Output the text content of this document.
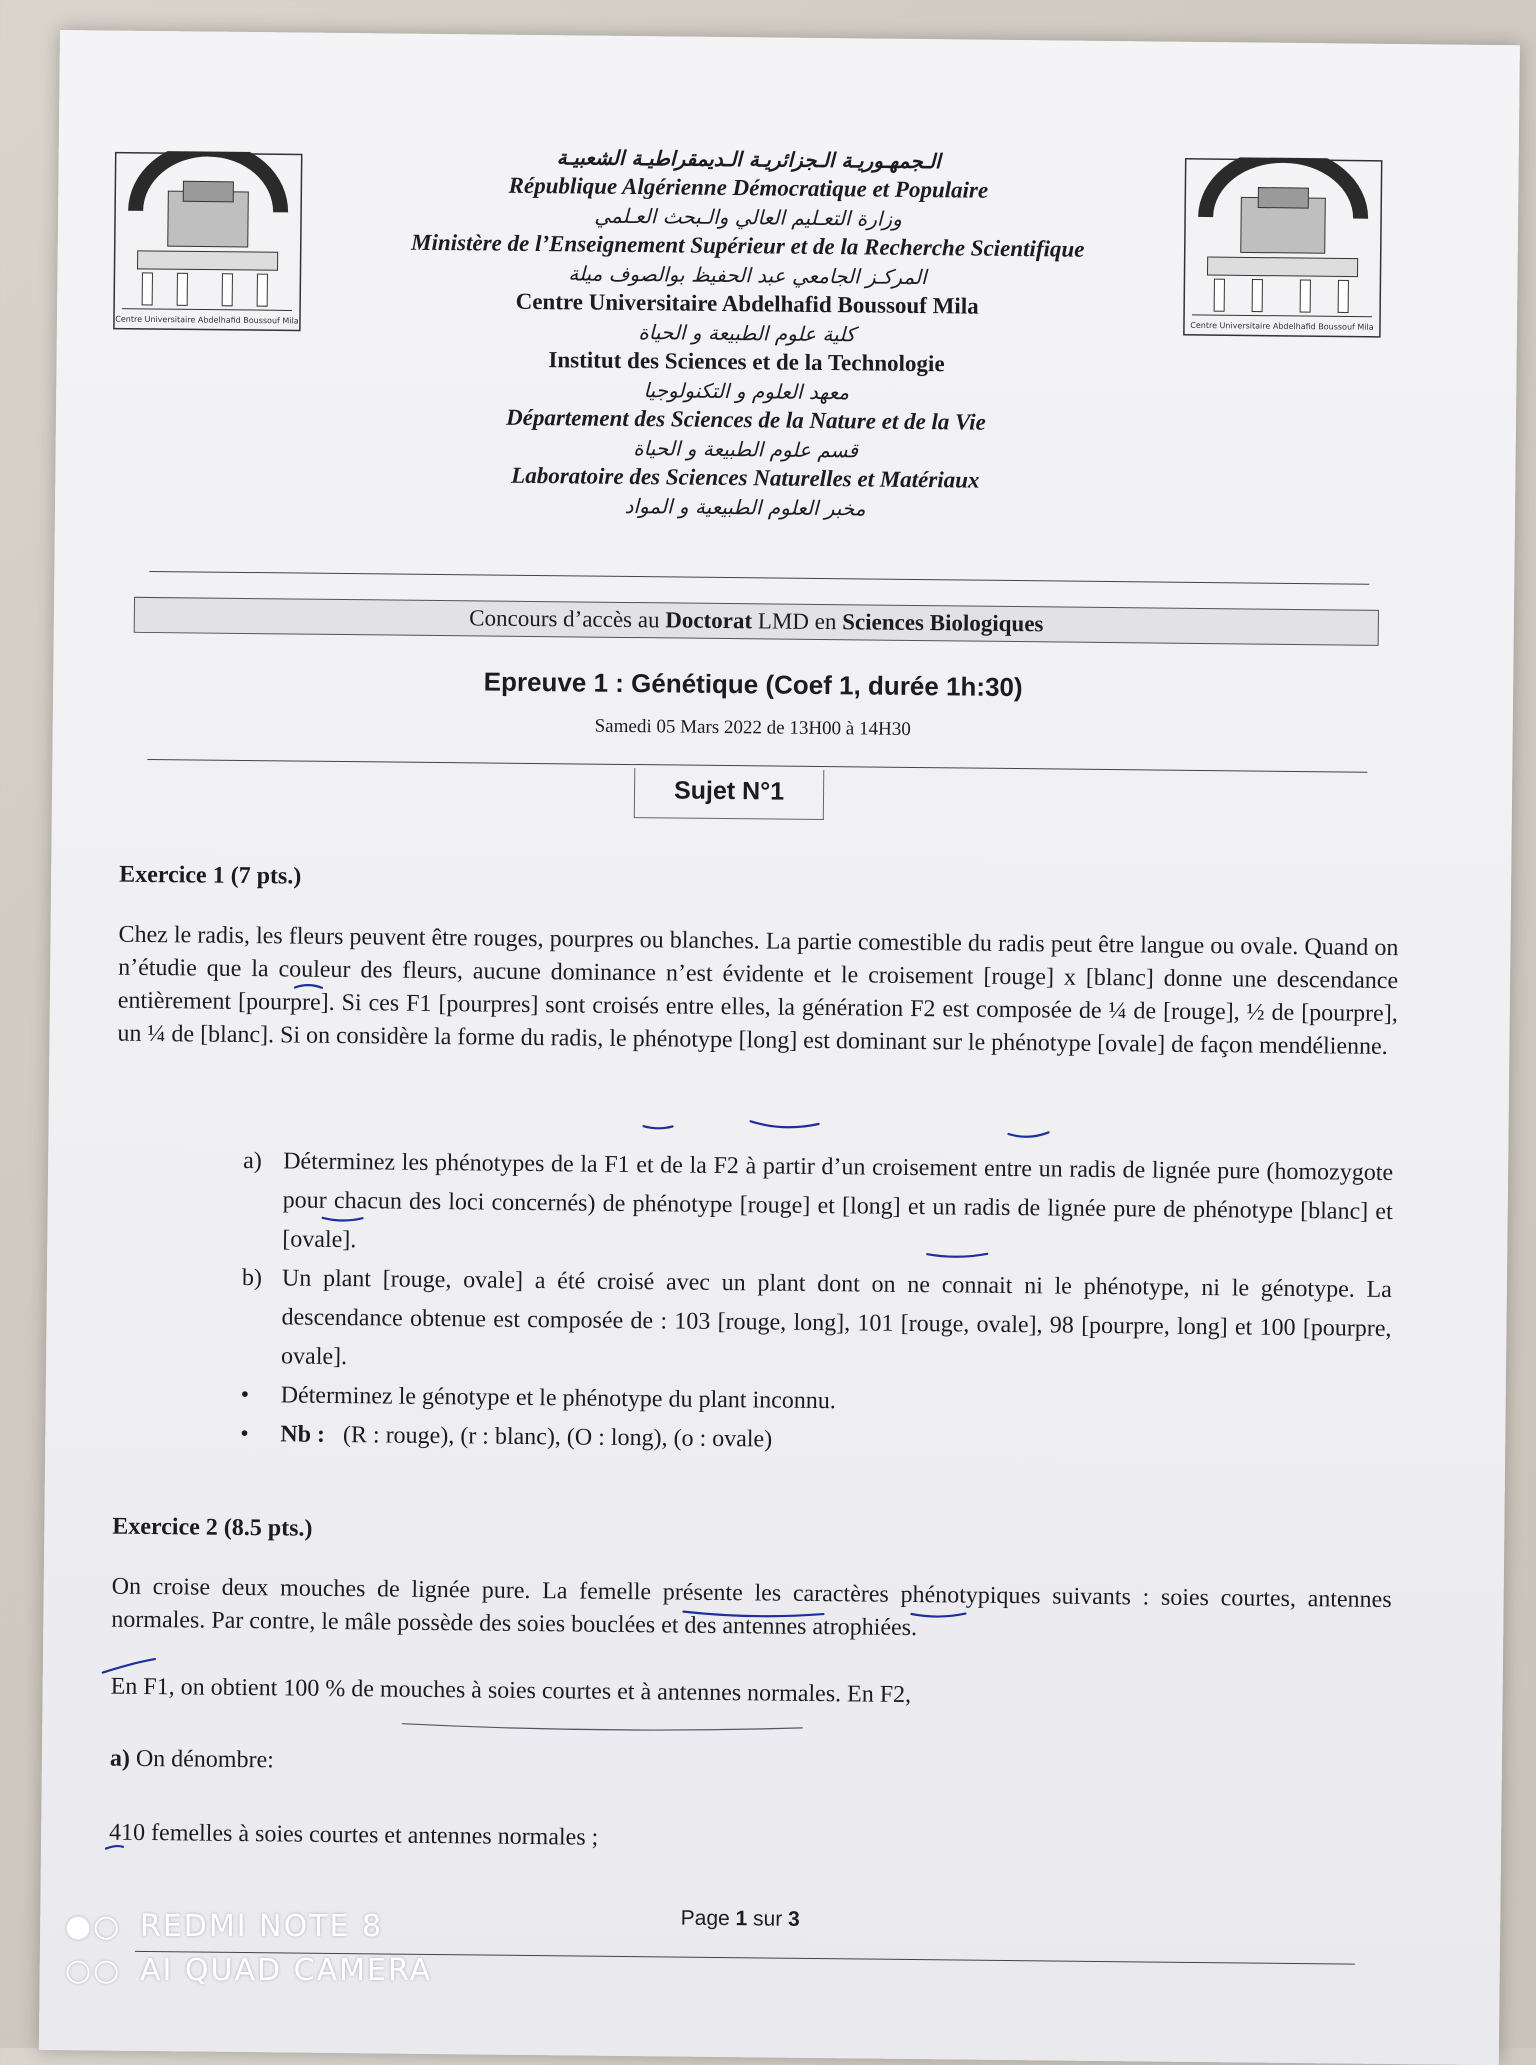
Centre Universitaire Abdelhafid Boussouf Mila
Centre Universitaire Abdelhafid Boussouf Mila
الـجمهـوريـة الـجزائريـة الـديمقراطيـة الشعبيـة
République Algérienne Démocratique et Populaire
وزارة التعـليم العالي والـبحث العـلمي
Ministère de l’Enseignement Supérieur et de la Recherche Scientifique
المركـز الجامعي عبد الحفيظ بوالصوف ميلة
Centre Universitaire Abdelhafid Boussouf Mila
كلية علوم الطبيعة و الحياة
Institut des Sciences et de la Technologie
معهد العلوم و التكنولوجيا
Département des Sciences de la Nature et de la Vie
قسم علوم الطبيعة و الحياة
Laboratoire des Sciences Naturelles et Matériaux
مخبر العلوم الطبيعية و المواد
Concours d’accès au Doctorat LMD en Sciences Biologiques
Epreuve 1 : Génétique (Coef 1, durée 1h:30)
Samedi 05 Mars 2022 de 13H00 à 14H30
Sujet N°1
Exercice 1 (7 pts.)
Chez le radis, les fleurs peuvent être rouges, pourpres ou blanches. La partie comestible du radis peut être langue ou ovale. Quand on n’étudie que la couleur des fleurs, aucune dominance n’est évidente et le croisement [rouge] x [blanc] donne une descendance entièrement [pourpre]. Si ces F1 [pourpres] sont croisés entre elles, la génération F2 est composée de ¼ de [rouge], ½ de [pourpre], un ¼ de [blanc]. Si on considère la forme du radis, le phénotype [long] est dominant sur le phénotype [ovale] de façon mendélienne.
a) Déterminez les phénotypes de la F1 et de la F2 à partir d’un croisement entre un radis de lignée pure (homozygote pour chacun des loci concernés) de phénotype [rouge] et [long] et un radis de lignée pure de phénotype [blanc] et [ovale].
b) Un plant [rouge, ovale] a été croisé avec un plant dont on ne connait ni le phénotype, ni le génotype. La descendance obtenue est composée de : 103 [rouge, long], 101 [rouge, ovale], 98 [pourpre, long] et 100 [pourpre, ovale].
•	Déterminez le génotype et le phénotype du plant inconnu.
•	Nb : (R : rouge), (r : blanc), (O : long), (o : ovale)
Exercice 2 (8.5 pts.)
On croise deux mouches de lignée pure. La femelle présente les caractères phénotypiques suivants : soies courtes, antennes normales. Par contre, le mâle possède des soies bouclées et des antennes atrophiées.
En F1, on obtient 100 % de mouches à soies courtes et à antennes normales. En F2,
a) On dénombre:
410 femelles à soies courtes et antennes normales ;
Page 1 sur 3
●○ REDMI NOTE 8
○○ AI QUAD CAMERA
